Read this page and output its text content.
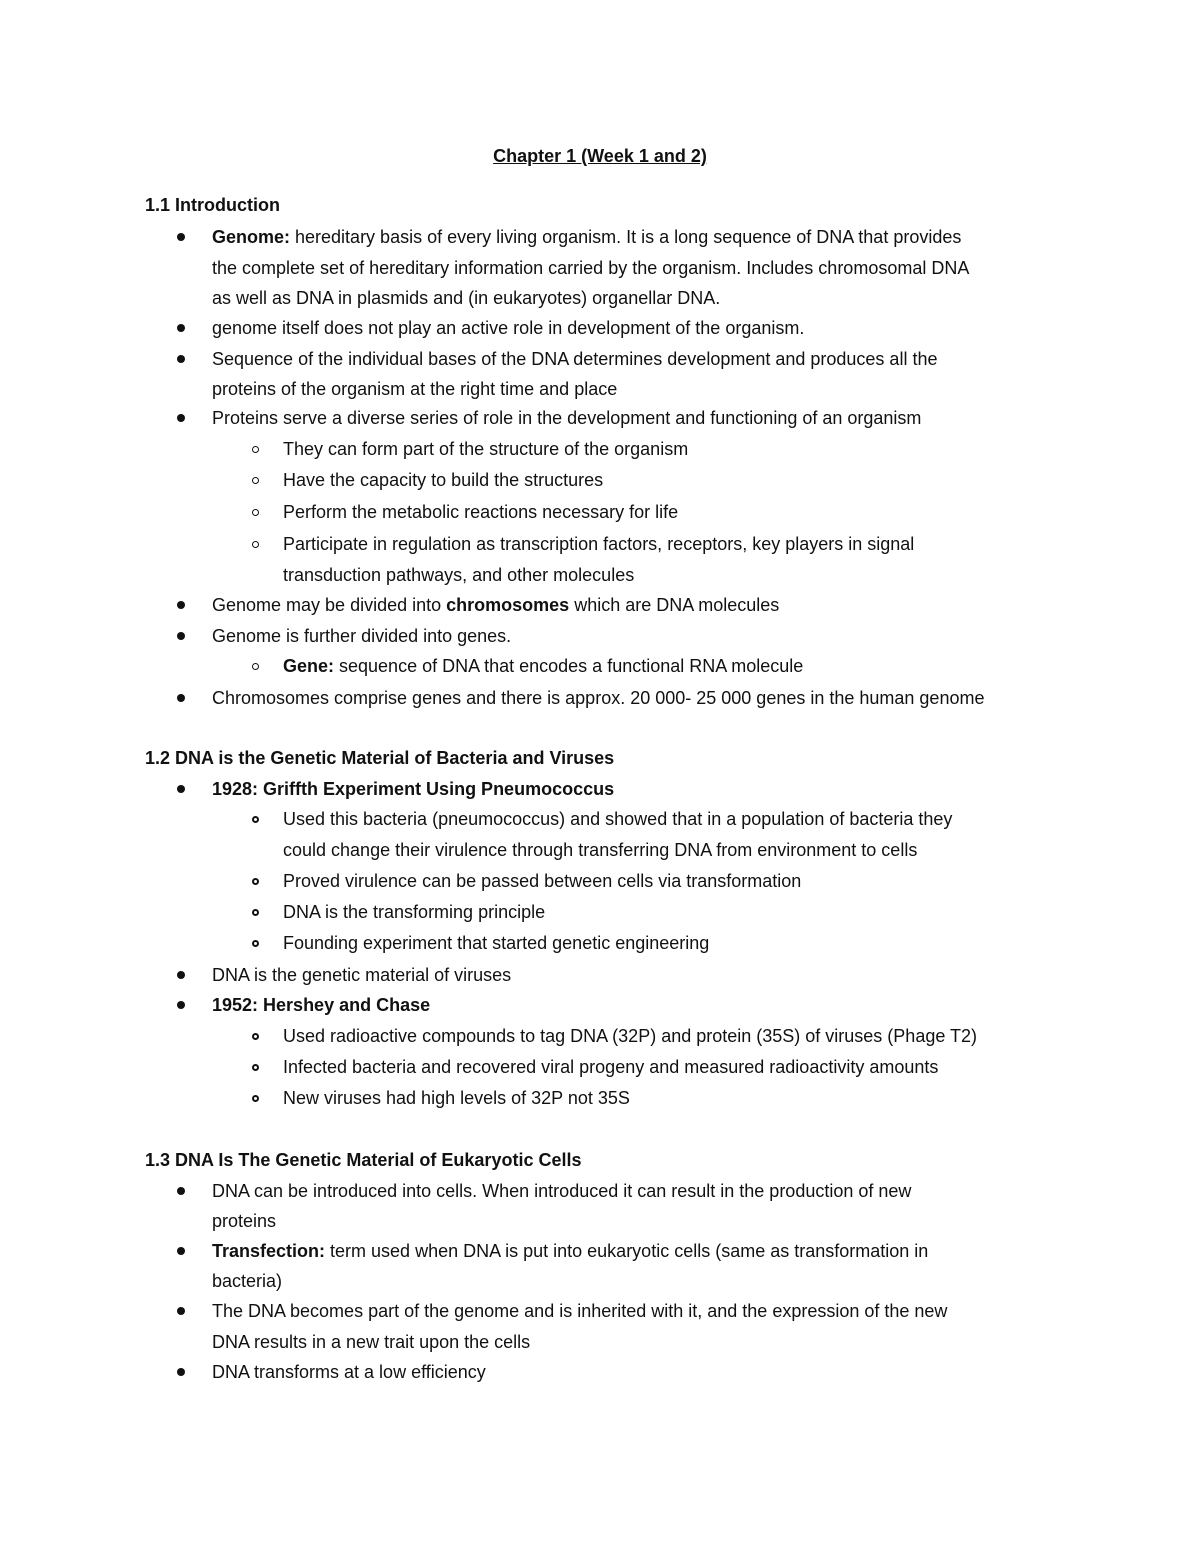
Chapter 1 (Week 1 and 2)
1.1 Introduction
Genome: hereditary basis of every living organism. It is a long sequence of DNA that provides
the complete set of hereditary information carried by the organism. Includes chromosomal DNA
as well as DNA in plasmids and (in eukaryotes) organellar DNA.
genome itself does not play an active role in development of the organism.
Sequence of the individual bases of the DNA determines development and produces all the
proteins of the organism at the right time and place
Proteins serve a diverse series of role in the development and functioning of an organism
They can form part of the structure of the organism
Have the capacity to build the structures
Perform the metabolic reactions necessary for life
Participate in regulation as transcription factors, receptors, key players in signal
transduction pathways, and other molecules
Genome may be divided into chromosomes which are DNA molecules
Genome is further divided into genes.
Gene: sequence of DNA that encodes a functional RNA molecule
Chromosomes comprise genes and there is approx. 20 000- 25 000 genes in the human genome
1.2 DNA is the Genetic Material of Bacteria and Viruses
1928: Griffth Experiment Using Pneumococcus
Used this bacteria (pneumococcus) and showed that in a population of bacteria they
could change their virulence through transferring DNA from environment to cells
Proved virulence can be passed between cells via transformation
DNA is the transforming principle
Founding experiment that started genetic engineering
DNA is the genetic material of viruses
1952: Hershey and Chase
Used radioactive compounds to tag DNA (32P) and protein (35S) of viruses (Phage T2)
Infected bacteria and recovered viral progeny and measured radioactivity amounts
New viruses had high levels of 32P not 35S
1.3 DNA Is The Genetic Material of Eukaryotic Cells
DNA can be introduced into cells. When introduced it can result in the production of new
proteins
Transfection: term used when DNA is put into eukaryotic cells (same as transformation in
bacteria)
The DNA becomes part of the genome and is inherited with it, and the expression of the new
DNA results in a new trait upon the cells
DNA transforms at a low efficiency
